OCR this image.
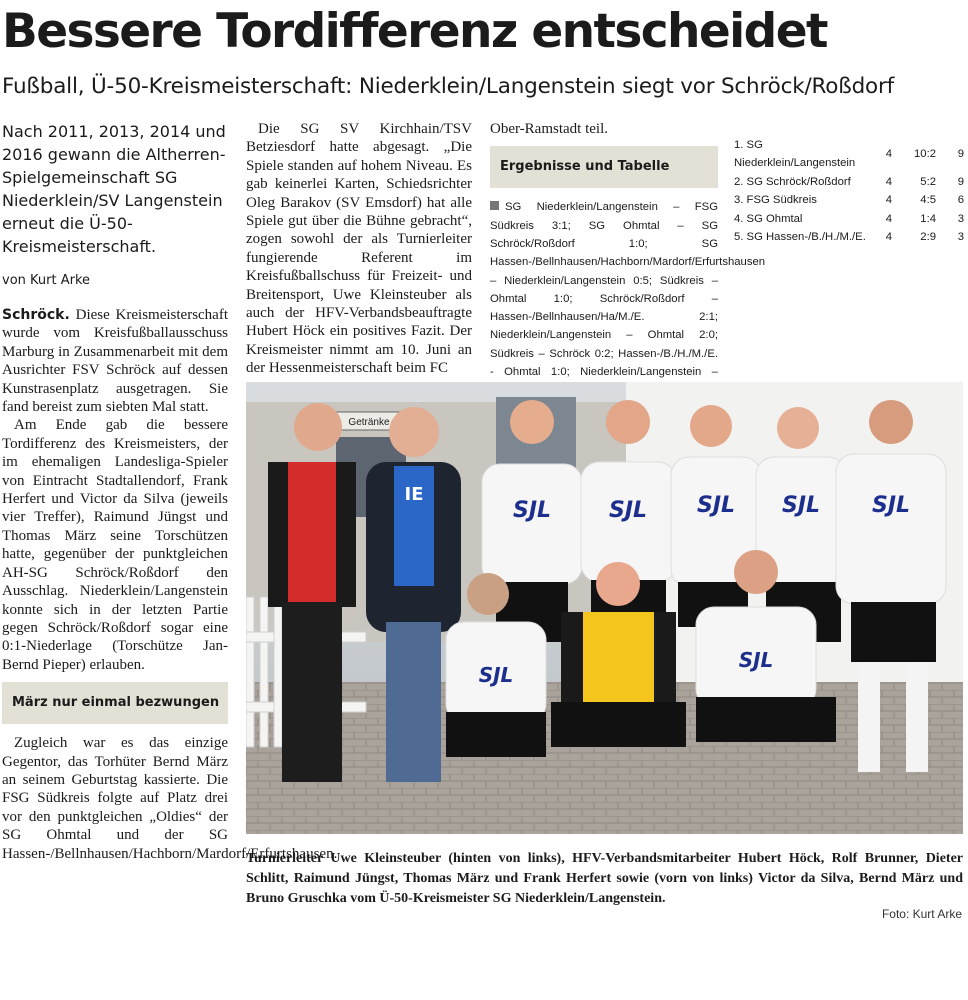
Bessere Tordifferenz entscheidet
Fußball, Ü-50-Kreismeisterschaft: Niederklein/Langenstein siegt vor Schröck/Roßdorf
Nach 2011, 2013, 2014 und 2016 gewann die Altherren-Spielgemeinschaft SG Niederklein/SV Langenstein erneut die Ü-50-Kreismeisterschaft.
von Kurt Arke

Schröck. Diese Kreismeisterschaft wurde vom Kreisfußballausschuss Marburg in Zusammenarbeit mit dem Ausrichter FSV Schröck auf dessen Kunstrasenplatz ausgetragen. Sie fand bereist zum siebten Mal statt.

Am Ende gab die bessere Tordifferenz des Kreismeisters, der im ehemaligen Landesliga-Spieler von Eintracht Stadtallendorf, Frank Herfert und Victor da Silva (jeweils vier Treffer), Raimund Jüngst und Thomas März seine Torschützen hatte, gegenüber der punktgleichen AH-SG Schröck/Roßdorf den Ausschlag. Niederklein/Langenstein konnte sich in der letzten Partie gegen Schröck/Roßdorf sogar eine 0:1-Niederlage (Torschütze Jan-Bernd Pieper) erlauben.

März nur einmal bezwungen

Zugleich war es das einzige Gegentor, das Torhüter Bernd März an seinem Geburtstag kassierte. Die FSG Südkreis folgte auf Platz drei vor den punktgleichen „Oldies“ der SG Ohmtal und der SG Hassen-/Bellnhausen/Hachborn/Mardorf/Erfurtshausen.

Die SG SV Kirchhain/TSV Betziesdorf hatte abgesagt. „Die Spiele standen auf hohem Niveau. Es gab keinerlei Karten, Schiedsrichter Oleg Barakov (SV Emsdorf) hat alle Spiele gut über die Bühne gebracht“, zogen sowohl der als Turnierleiter fungierende Referent im Kreisfußballschuss für Freizeit- und Breitensport, Uwe Kleinsteuber als auch der HFV-Verbandsbeauftragte Hubert Höck ein positives Fazit. Der Kreismeister nimmt am 10. Juni an der Hessenmeisterschaft beim FC

Ober-Ramstadt teil.

Ergebnisse und Tabelle
SG Niederklein/Langenstein – FSG Südkreis 3:1; SG Ohmtal – SG Schröck/Roßdorf 1:0; SG Hassen-/Bellnhausen/Hachborn/Mardorf/Erfurtshausen – Niederklein/Langenstein 0:5; Südkreis – Ohmtal 1:0; Schröck/Roßdorf – Hassen-/Bellnhausen/Ha/M./E. 2:1; Niederklein/Langenstein – Ohmtal 2:0; Südkreis – Schröck 0:2; Hassen-/B./H./M./E. - Ohmtal 1:0; Niederklein/Langenstein –
1. SG Niederklein/Langenstein	4	10:2	9
2. SG Schröck/Roßdorf	4	5:2	9
3. FSG Südkreis	4	4:5	6
4. SG Ohmtal	4	1:4	3
5. SG Hassen-/B./H./M./E.	4	2:9	3
Getränke
IE
SJL	SJL SJL SJL SJL
SJL
SJL

Turnierleiter Uwe Kleinsteuber (hinten von links), HFV-Verbandsmitarbeiter Hubert Höck, Rolf Brunner, Dieter Schlitt, Raimund Jüngst, Thomas März und Frank Herfert sowie (vorn von links) Victor da Silva, Bernd März und Bruno Gruschka vom Ü-50-Kreismeister SG Niederklein/Langenstein.

Foto: Kurt Arke
